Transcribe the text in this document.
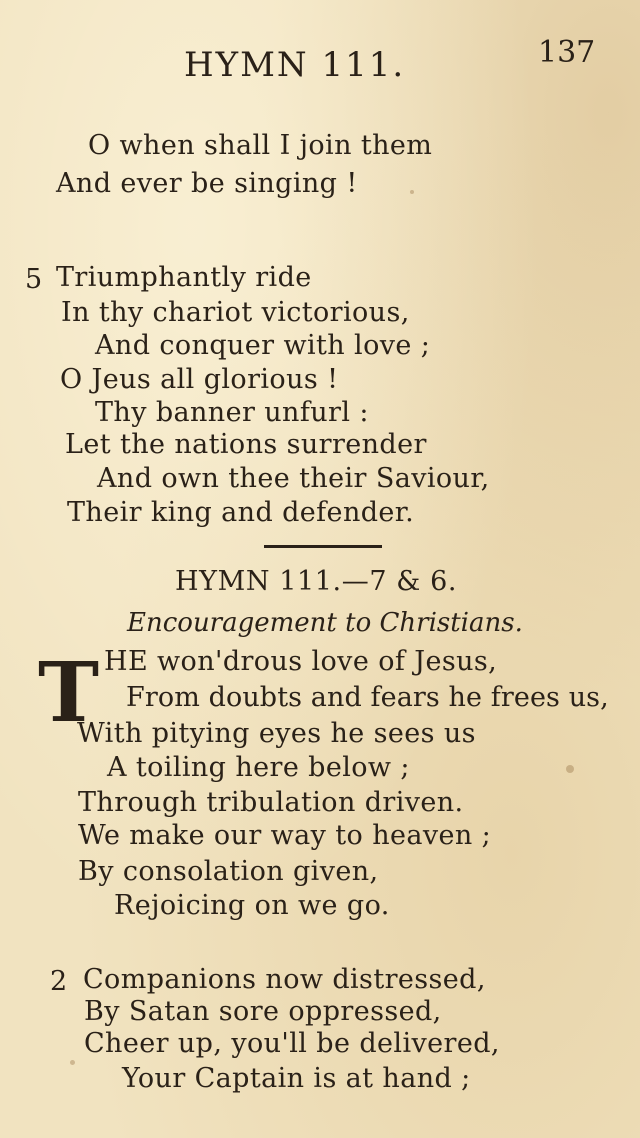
HYMN 111.	137
O when shall I join them
And ever be singing !
5 Triumphantly ride
In thy chariot victorious,
And conquer with love ;
O Jeus all glorious !
Thy banner unfurl :
Let the nations surrender
And own thee their Saviour,
Their king and defender.
HYMN 111.—7 & 6.
Encouragement to Christians.
T HE won'drous love of Jesus,
From doubts and fears he frees us,
With pitying eyes he sees us
A toiling here below ;
Through tribulation driven.
We make our way to heaven ;
By consolation given,
Rejoicing on we go.
2 Companions now distressed,
By Satan sore oppressed,
Cheer up, you'll be delivered,
Your Captain is at hand ;
